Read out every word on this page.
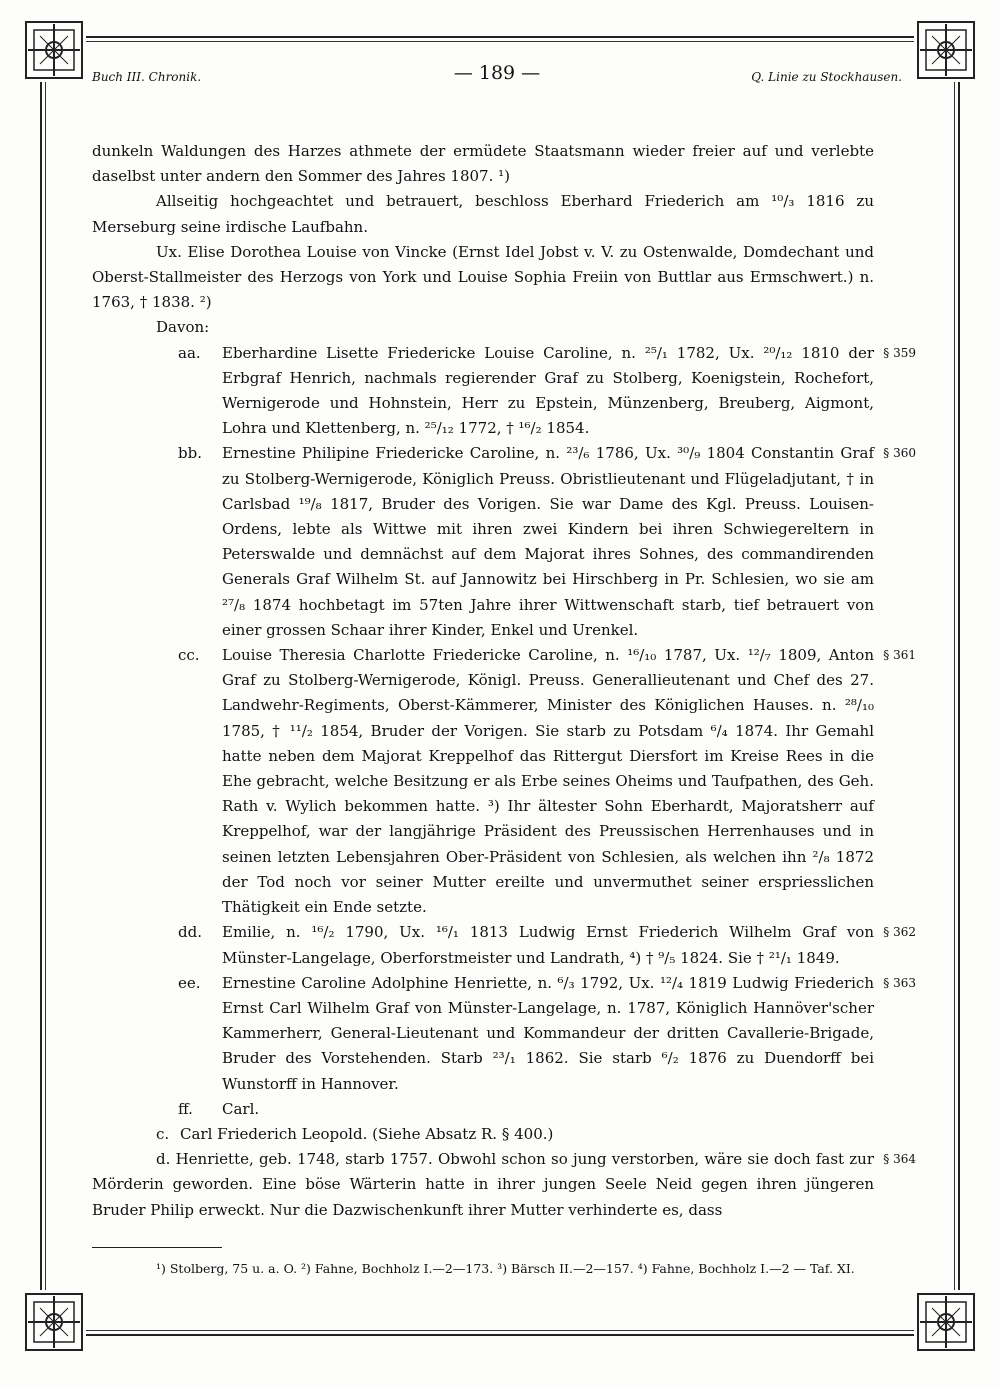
Buch III. Chronik.	— 189 —	Q. Linie zu Stockhausen.

dunkeln Waldungen des Harzes athmete der ermüdete Staatsmann wieder freier auf und verlebte daselbst unter andern den Sommer des Jahres 1807. ¹)

Allseitig hochgeachtet und betrauert, beschloss Eberhard Friederich am ¹⁰/₃ 1816 zu Merseburg seine irdische Laufbahn.

Ux. Elise Dorothea Louise von Vincke (Ernst Idel Jobst v. V. zu Ostenwalde, Domdechant und Oberst-Stallmeister des Herzogs von York und Louise Sophia Freiin von Buttlar aus Ermschwert.) n. 1763, † 1838. ²)

Davon:

aa. Eberhardine Lisette Friedericke Louise Caroline, n. ²⁵/₁ 1782, Ux. ²⁰/₁₂ 1810 der Erbgraf Henrich, nachmals regierender Graf zu Stolberg, Koenigstein, Rochefort, Wernigerode und Hohnstein, Herr zu Epstein, Münzenberg, Breuberg, Aigmont, Lohra und Klettenberg, n. ²⁵/₁₂ 1772, † ¹⁶/₂ 1854.
§ 359
bb. Ernestine Philipine Friedericke Caroline, n. ²³/₆ 1786, Ux. ³⁰/₉ 1804 Constantin Graf zu Stolberg-Wernigerode, Königlich Preuss. Obristlieutenant und Flügeladjutant, † in Carlsbad ¹⁹/₈ 1817, Bruder des Vorigen. Sie war Dame des Kgl. Preuss. Louisen-Ordens, lebte als Wittwe mit ihren zwei Kindern bei ihren Schwiegereltern in Peterswalde und demnächst auf dem Majorat ihres Sohnes, des commandirenden Generals Graf Wilhelm St. auf Jannowitz bei Hirschberg in Pr. Schlesien, wo sie am ²⁷/₈ 1874 hochbetagt im 57ten Jahre ihrer Wittwenschaft starb, tief betrauert von einer grossen Schaar ihrer Kinder, Enkel und Urenkel.
§ 360
cc. Louise Theresia Charlotte Friedericke Caroline, n. ¹⁶/₁₀ 1787, Ux. ¹²/₇ 1809, Anton Graf zu Stolberg-Wernigerode, Königl. Preuss. Generallieutenant und Chef des 27. Landwehr-Regiments, Oberst-Kämmerer, Minister des Königlichen Hauses. n. ²⁸/₁₀ 1785, † ¹¹/₂ 1854, Bruder der Vorigen. Sie starb zu Potsdam ⁶/₄ 1874. Ihr Gemahl hatte neben dem Majorat Kreppelhof das Rittergut Diersfort im Kreise Rees in die Ehe gebracht, welche Besitzung er als Erbe seines Oheims und Taufpathen, des Geh. Rath v. Wylich bekommen hatte. ³) Ihr ältester Sohn Eberhardt, Majoratsherr auf Kreppelhof, war der langjährige Präsident des Preussischen Herrenhauses und in seinen letzten Lebensjahren Ober-Präsident von Schlesien, als welchen ihn ²/₈ 1872 der Tod noch vor seiner Mutter ereilte und unvermuthet seiner erspriesslichen Thätigkeit ein Ende setzte.
§ 361
dd. Emilie, n. ¹⁶/₂ 1790, Ux. ¹⁶/₁ 1813 Ludwig Ernst Friederich Wilhelm Graf von Münster-Langelage, Oberforstmeister und Landrath, ⁴) † ⁹/₅ 1824. Sie † ²¹/₁ 1849.
§ 362
ee. Ernestine Caroline Adolphine Henriette, n. ⁶/₃ 1792, Ux. ¹²/₄ 1819 Ludwig Friederich Ernst Carl Wilhelm Graf von Münster-Langelage, n. 1787, Königlich Hannöver'scher Kammerherr, General-Lieutenant und Kommandeur der dritten Cavallerie-Brigade, Bruder des Vorstehenden. Starb ²³/₁ 1862. Sie starb ⁶/₂ 1876 zu Duendorff bei Wunstorff in Hannover.
§ 363
ff. Carl.
c. Carl Friederich Leopold. (Siehe Absatz R. § 400.)

d. Henriette, geb. 1748, starb 1757. Obwohl schon so jung verstorben, wäre sie doch fast zur Mörderin geworden. Eine böse Wärterin hatte in ihrer jungen Seele Neid gegen ihren jüngeren Bruder Philip erweckt. Nur die Dazwischenkunft ihrer Mutter verhinderte es, dass
§ 364

¹) Stolberg, 75 u. a. O. ²) Fahne, Bochholz I.—2—173. ³) Bärsch II.—2—157. ⁴) Fahne, Bochholz I.—2 — Taf. XI.
